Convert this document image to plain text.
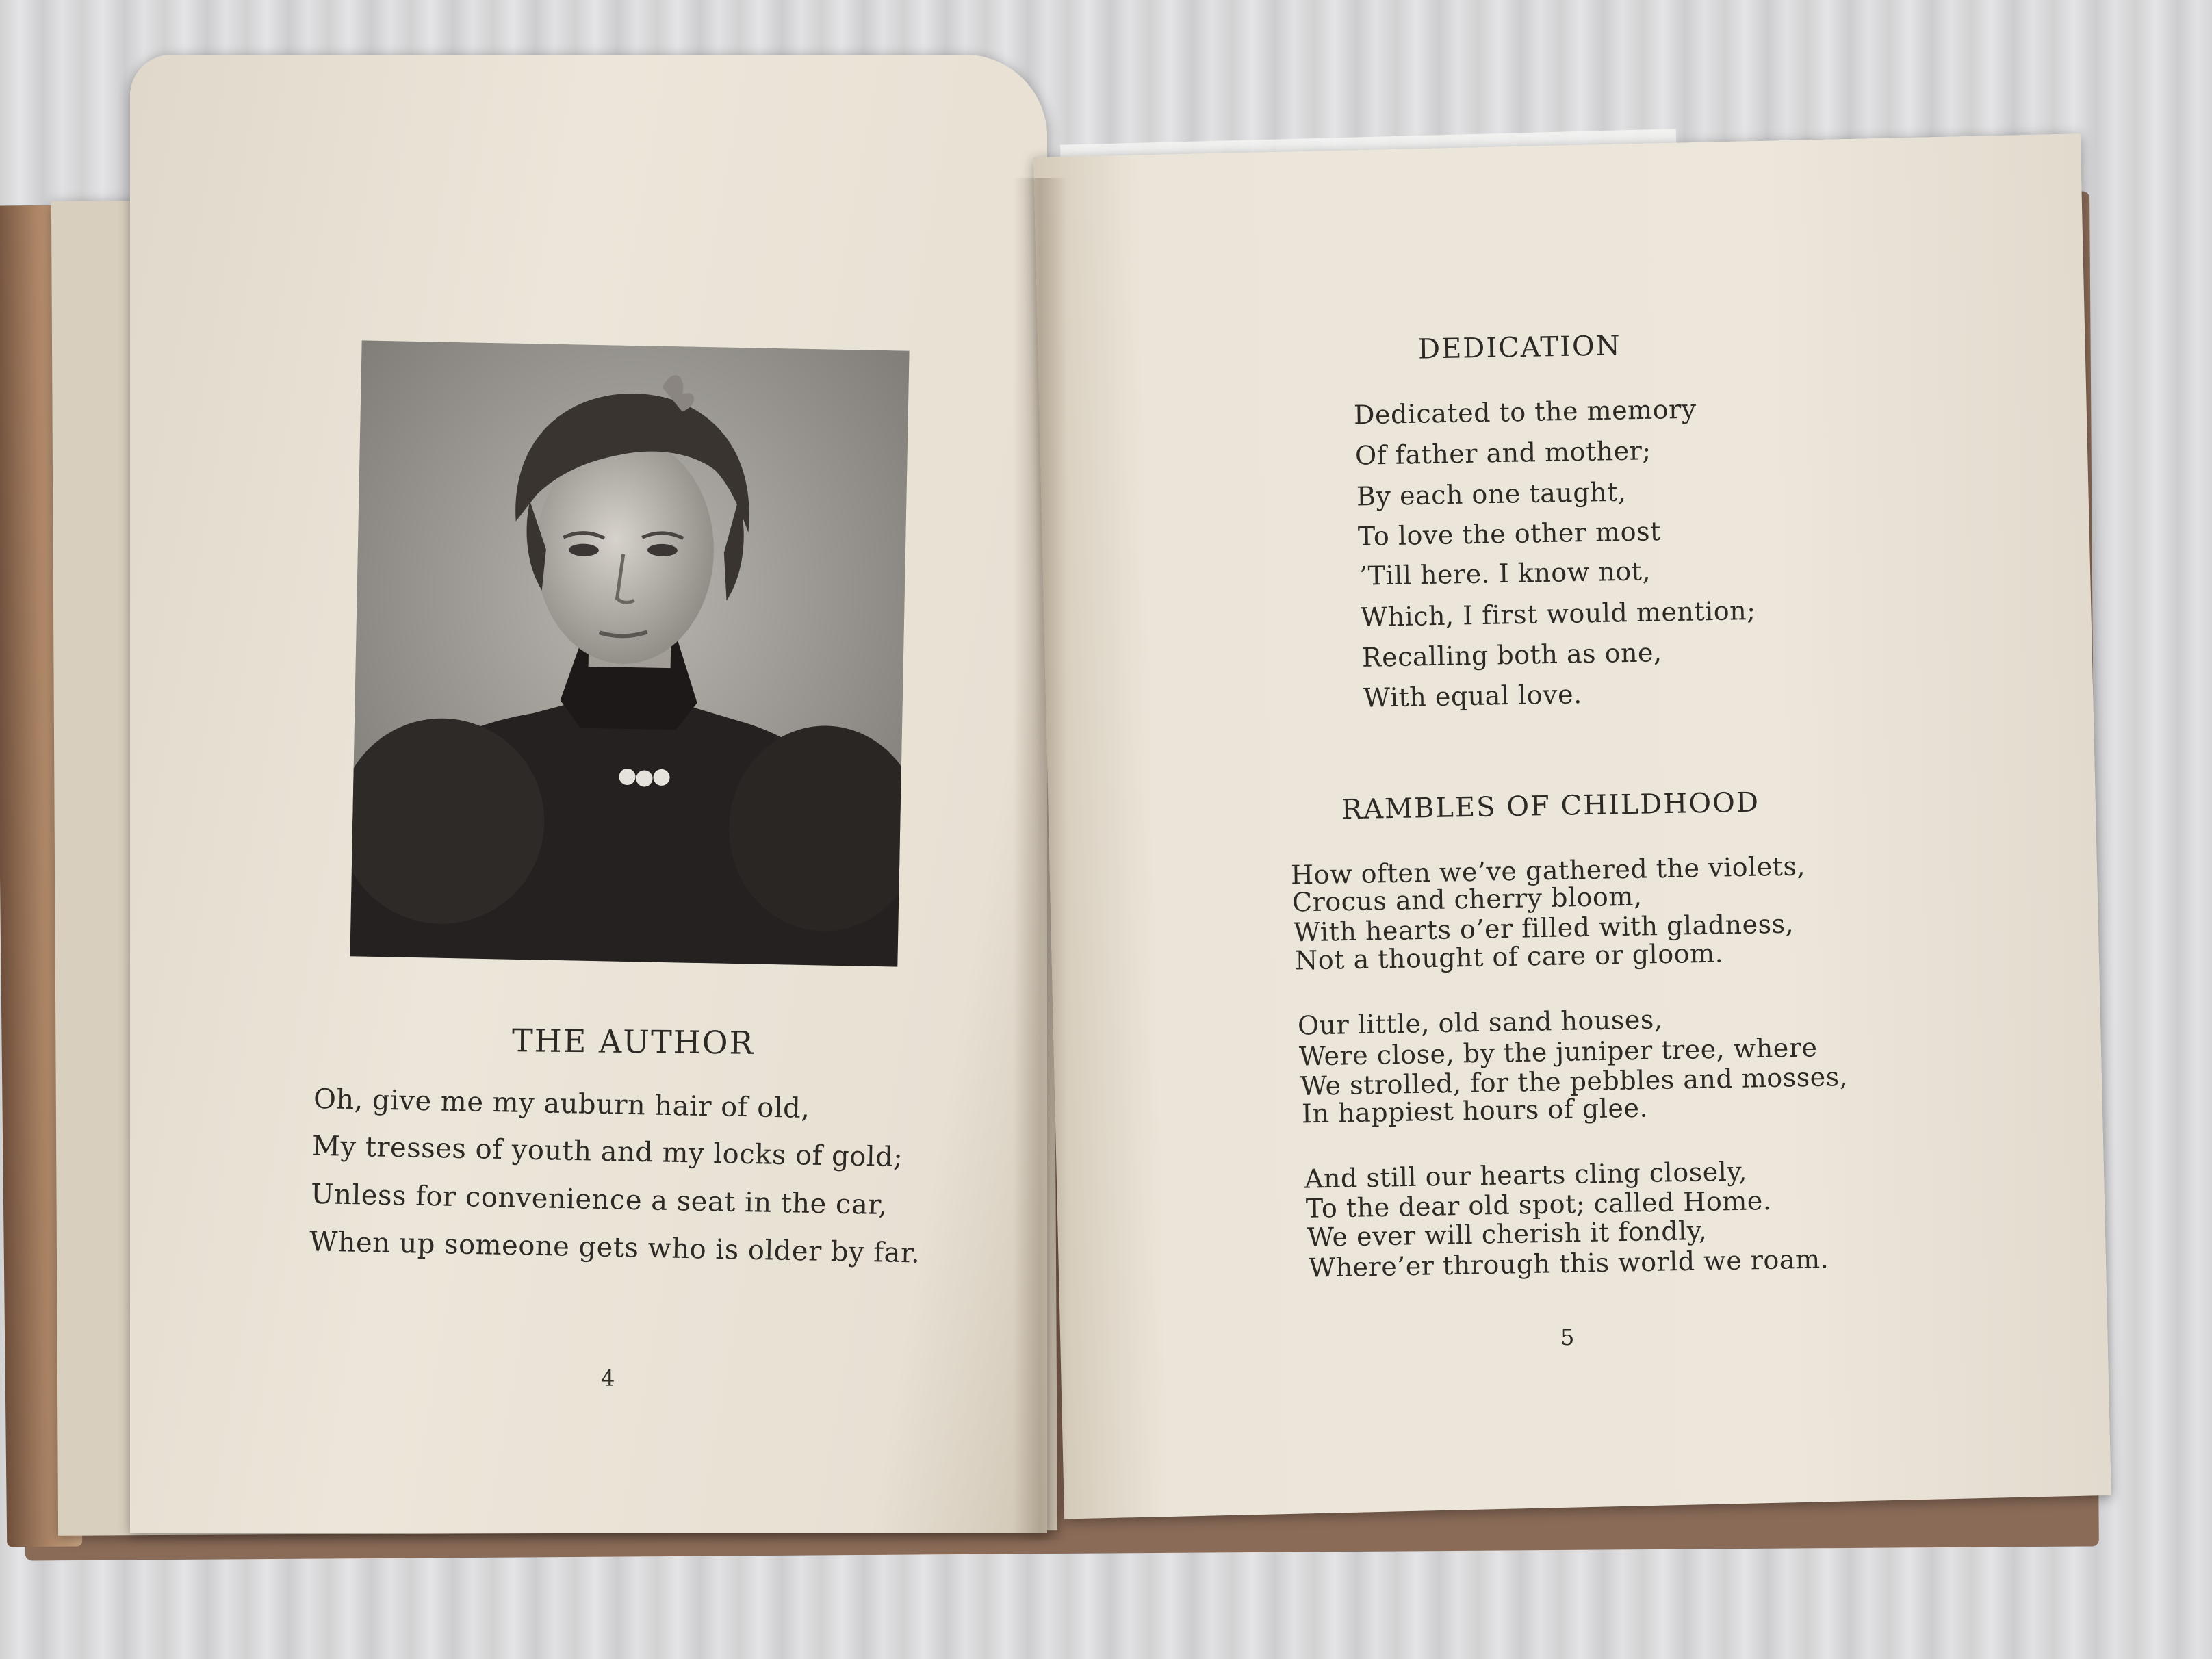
THE AUTHOR
Oh, give me my auburn hair of old,
My tresses of youth and my locks of gold;
Unless for convenience a seat in the car,
When up someone gets who is older by far.
4
DEDICATION
Dedicated to the memory
Of father and mother;
By each one taught,
To love the other most
’Till here. I know not,
Which, I first would mention;
Recalling both as one,
With equal love.
RAMBLES OF CHILDHOOD
How often we’ve gathered the violets,
Crocus and cherry bloom,
With hearts o’er filled with gladness,
Not a thought of care or gloom.
Our little, old sand houses,
Were close, by the juniper tree, where
We strolled, for the pebbles and mosses,
In happiest hours of glee.
And still our hearts cling closely,
To the dear old spot; called Home.
We ever will cherish it fondly,
Where’er through this world we roam.
5
